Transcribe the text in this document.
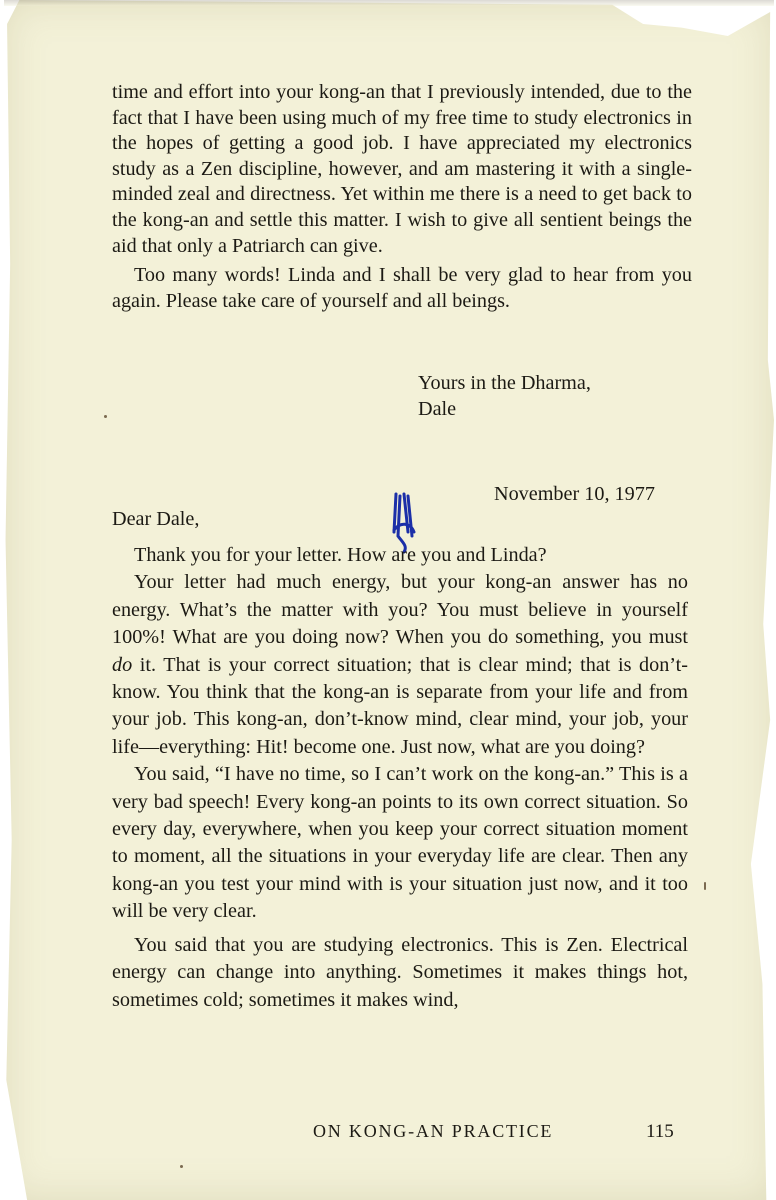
time and effort into your kong-an that I previously intended, due to the fact that I have been using much of my free time to study electronics in the hopes of getting a good job. I have appreciated my electronics study as a Zen discipline, however, and am mastering it with a single-minded zeal and directness. Yet within me there is a need to get back to the kong-an and settle this matter. I wish to give all sentient beings the aid that only a Patriarch can give.

Too many words! Linda and I shall be very glad to hear from you again. Please take care of yourself and all beings.

Yours in the Dharma,
Dale
November 10, 1977
Dear Dale,

Thank you for your letter. How are you and Linda?

Your letter had much energy, but your kong-an answer has no energy. What’s the matter with you? You must believe in yourself 100%! What are you doing now? When you do something, you must do it. That is your correct situation; that is clear mind; that is don’t-know. You think that the kong-an is separate from your life and from your job. This kong-an, don’t-know mind, clear mind, your job, your life—everything: Hit! become one. Just now, what are you doing?

You said, “I have no time, so I can’t work on the kong-an.” This is a very bad speech! Every kong-an points to its own correct situation. So every day, everywhere, when you keep your correct situation moment to moment, all the situations in your everyday life are clear. Then any kong-an you test your mind with is your situation just now, and it too will be very clear.

You said that you are studying electronics. This is Zen. Electrical energy can change into anything. Sometimes it makes things hot, sometimes cold; sometimes it makes wind,

ON KONG-AN PRACTICE	115
